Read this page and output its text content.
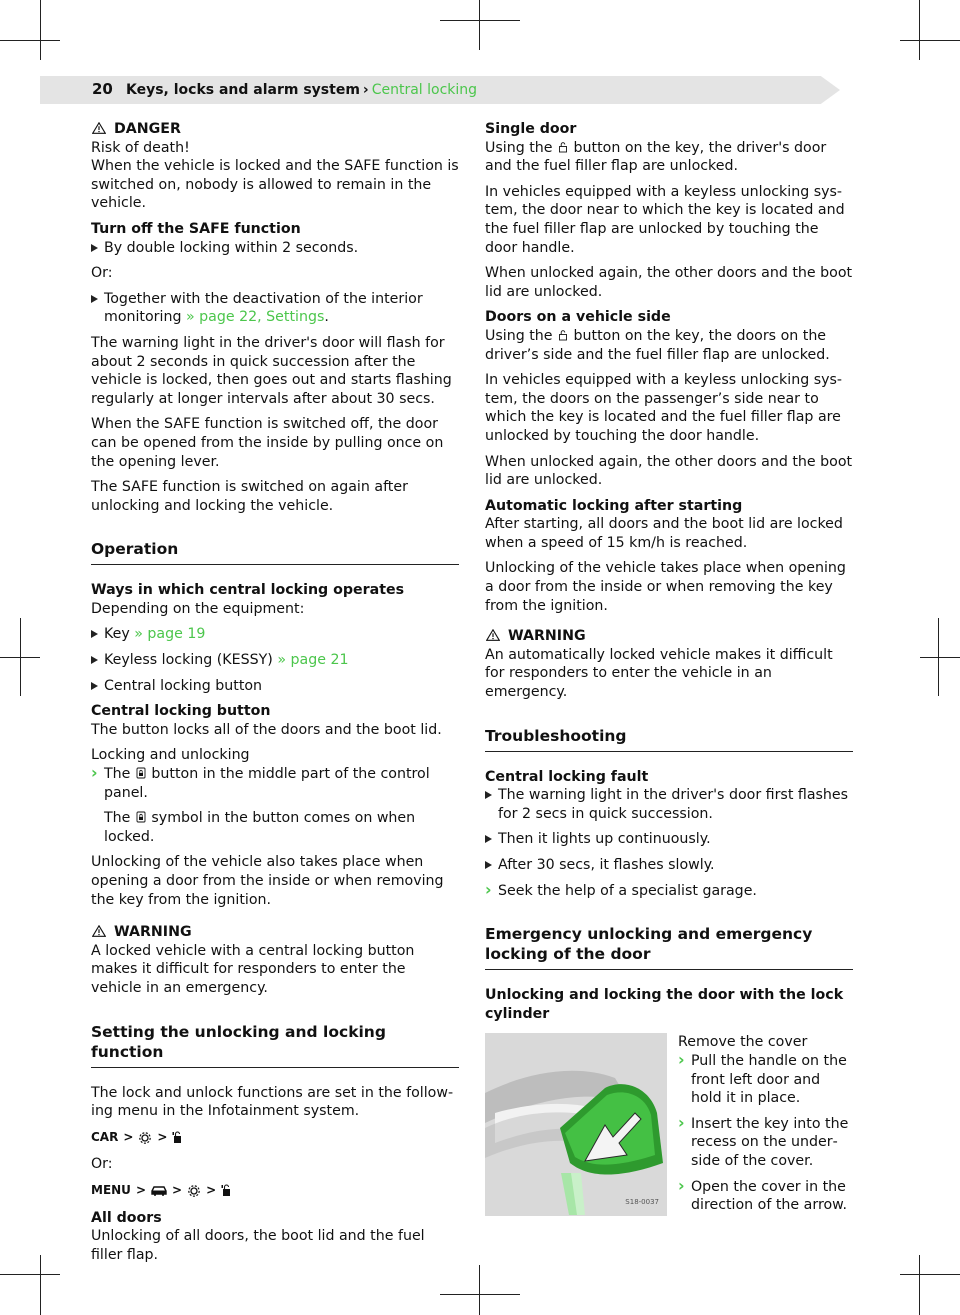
20 Keys, locks and alarm system › Central locking
DANGER
Risk of death!

When the vehicle is locked and the SAFE function is switched on, nobody is allowed to remain in the vehicle.

Turn off the SAFE function
By double locking within 2 seconds.

Or:

Together with the deactivation of the interior monitoring » page 22, Settings.

The warning light in the driver's door will flash for about 2 seconds in quick succession after the vehicle is locked, then goes out and starts flashing regularly at longer intervals after about 30 secs.

When the SAFE function is switched off, the door can be opened from the inside by pulling once on the opening lever.

The SAFE function is switched on again after unlocking and locking the vehicle.

Operation
Ways in which central locking operates

Depending on the equipment:

Key » page 19
Keyless locking (KESSY) » page 21
Central locking button
Central locking button

The button locks all of the doors and the boot lid.

Locking and unlocking
› The  button in the middle part of the control panel.
The  symbol in the button comes on when locked.

Unlocking of the vehicle also takes place when opening a door from the inside or when removing the key from the ignition.

WARNING

A locked vehicle with a central locking button makes it difficult for responders to enter the vehicle in an emergency.

Setting the unlocking and locking function

The lock and unlock functions are set in the following menu in the Infotainment system.

CAR > >

Or:

MENU > > >
All doors

Unlocking of all doors, the boot lid and the fuel filler flap.

Single door

Using the  button on the key, the driver's door and the fuel filler flap are unlocked.

In vehicles equipped with a keyless unlocking system, the door near to which the key is located and the fuel filler flap are unlocked by touching the door handle.

When unlocked again, the other doors and the boot lid are unlocked.

Doors on a vehicle side

Using the  button on the key, the doors on the driver’s side and the fuel filler flap are unlocked.

In vehicles equipped with a keyless unlocking system, the doors on the passenger’s side near to which the key is located and the fuel filler flap are unlocked by touching the door handle.

When unlocked again, the other doors and the boot lid are unlocked.

Automatic locking after starting

After starting, all doors and the boot lid are locked when a speed of 15 km/h is reached.

Unlocking of the vehicle takes place when opening a door from the inside or when removing the key from the ignition.

WARNING

An automatically locked vehicle makes it difficult for responders to enter the vehicle in an emergency.

Troubleshooting
Central locking fault
The warning light in the driver's door first flashes for 2 secs in quick succession.
Then it lights up continuously.
After 30 secs, it flashes slowly.
› Seek the help of a specialist garage.
Emergency unlocking and emergency locking of the door
Unlocking and locking the door with the lock cylinder
S18-0037
Remove the cover
› Pull the handle on the front left door and hold it in place.
› Insert the key into the recess on the underside of the cover.
› Open the cover in the direction of the arrow.
